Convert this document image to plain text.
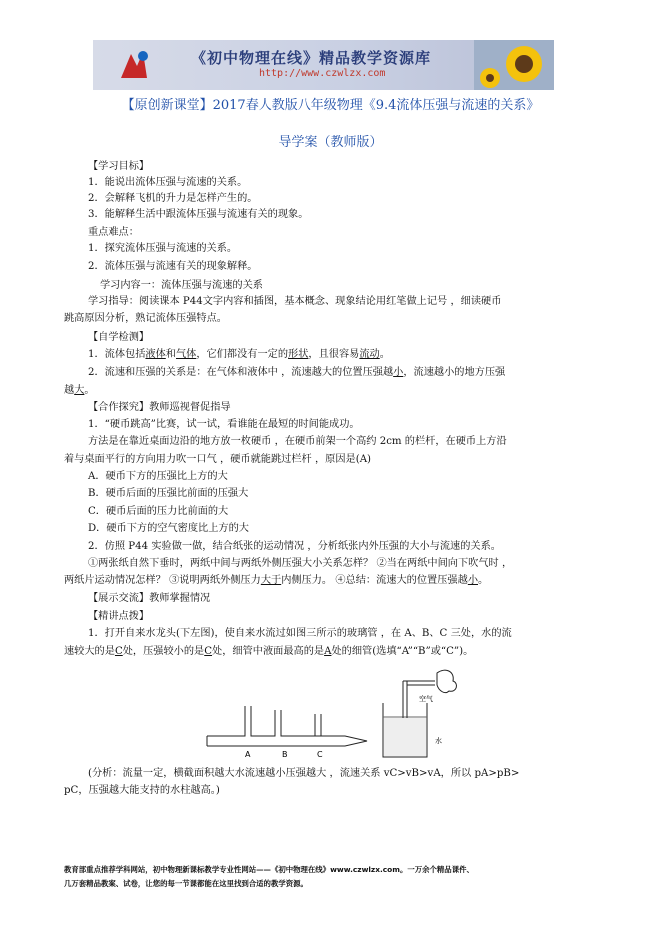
《初中物理在线》精品教学资源库
http://www.czwlzx.com
【原创新课堂】2017春人教版八年级物理《9.4流体压强与流速的关系》
导学案（教师版）
【学习目标】
1．能说出流体压强与流速的关系。
2．会解释飞机的升力是怎样产生的。
3．能解释生活中跟流体压强与流速有关的现象。
重点难点：
1．探究流体压强与流速的关系。
2．流体压强与流速有关的现象解释。
学习内容一：流体压强与流速的关系
学习指导：阅读课本 P44文字内容和插图，基本概念、现象结论用红笔做上记号 ，细读硬币
跳高原因分析，熟记流体压强特点。
【自学检测】
1．流体包括液体和气体，它们都没有一定的形状，且很容易流动。
2．流速和压强的关系是：在气体和液体中 ，流速越大的位置压强越小，流速越小的地方压强
越大。
【合作探究】教师巡视督促指导
1．“硬币跳高”比赛，试一试，看谁能在最短的时间能成功。
方法是在靠近桌面边沿的地方放一枚硬币 ，在硬币前架一个高约 2cm 的栏杆，在硬币上方沿
着与桌面平行的方向用力吹一口气 ，硬币就能跳过栏杆 ，原因是(A)
A．硬币下方的压强比上方的大
B．硬币后面的压强比前面的压强大
C．硬币后面的压力比前面的大
D．硬币下方的空气密度比上方的大
2．仿照 P44 实验做一做，结合纸张的运动情况 ，分析纸张内外压强的大小与流速的关系。
①两张纸自然下垂时，两纸中间与两纸外侧压强大小关系怎样？ ②当在两纸中间向下吹气时 ，
两纸片运动情况怎样？ ③说明两纸外侧压力大于内侧压力。 ④总结：流速大的位置压强越小。
【展示交流】教师掌握情况
【精讲点拨】
1．打开自来水龙头(下左图)，使自来水流过如图三所示的玻璃管 ，在 A、B、C 三处，水的流
速较大的是C处，压强较小的是C处，细管中液面最高的是A处的细管(选填“A”“B”或“C”)。
A	B	C
空气
水
(分析：流量一定，横截面积越大水流速越小压强越大 ，流速关系 vC>vB>vA，所以 pA>pB>
pC，压强越大能支持的水柱越高。)
教育部重点推荐学科网站，初中物理新课标教学专业性网站——《初中物理在线》www.czwlzx.com。一万余个精品课件、
几万套精品教案、试卷，让您的每一节课都能在这里找到合适的教学资源。
